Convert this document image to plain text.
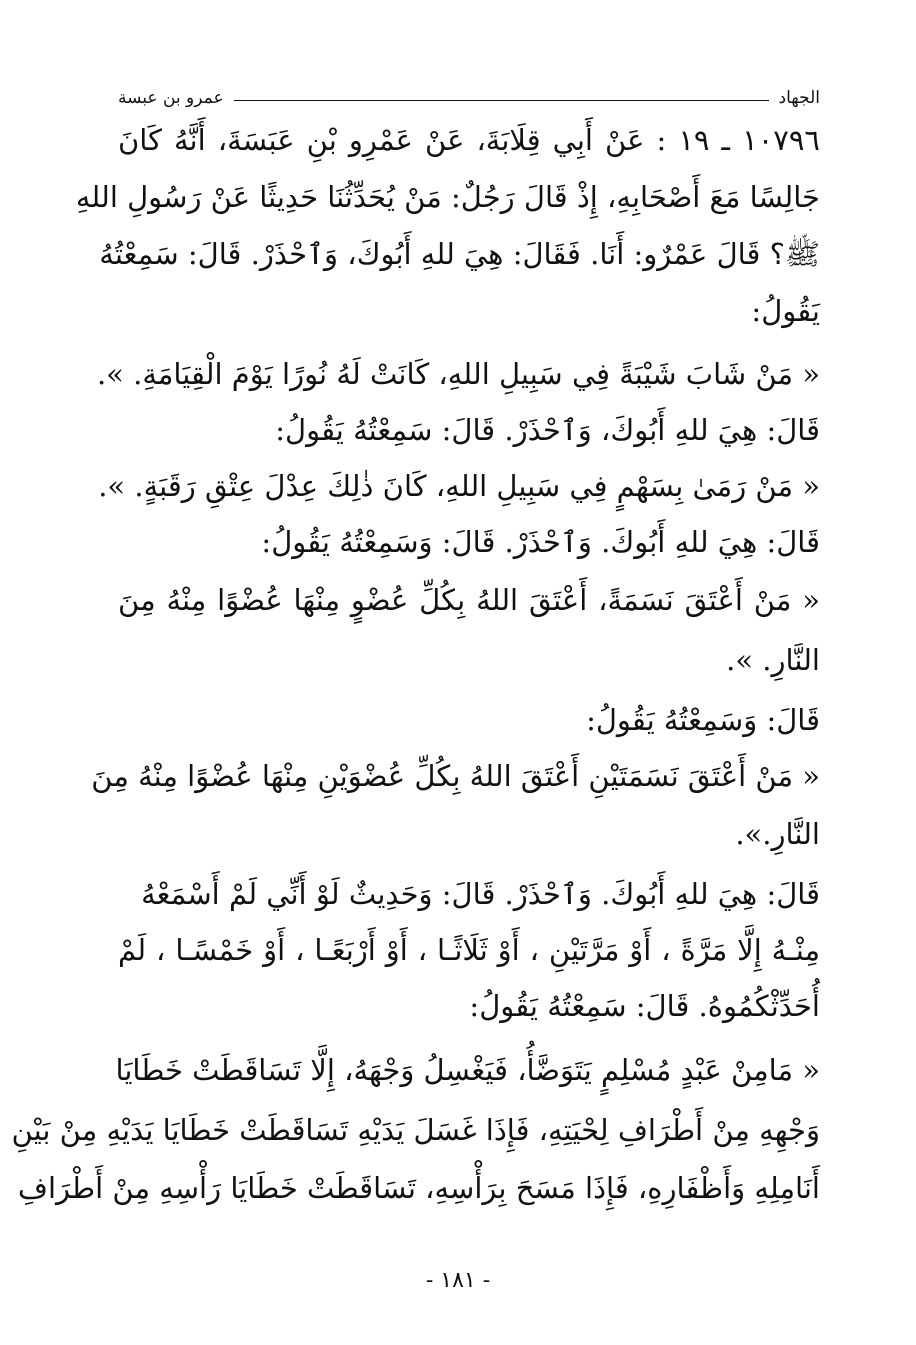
الجهاد
عمرو بن عبسة
١٠٧٩٦ ـ ١٩ : عَنْ أَبِي قِلَابَةَ، عَنْ عَمْرِو بْنِ عَبَسَةَ، أَنَّهُ كَانَ
جَالِسًا مَعَ أَصْحَابِهِ، إِذْ قَالَ رَجُلٌ: مَنْ يُحَدِّثُنَا حَدِيثًا عَنْ رَسُولِ اللهِ
ﷺ؟ قَالَ عَمْرٌو: أَنَا. فَقَالَ: هِيَ للهِ أَبُوكَ، وَٱحْذَرْ. قَالَ: سَمِعْتُهُ
يَقُولُ:
« مَنْ شَابَ شَيْبَةً فِي سَبِيلِ اللهِ، كَانَتْ لَهُ نُورًا يَوْمَ الْقِيَامَةِ. ».
قَالَ: هِيَ للهِ أَبُوكَ، وَٱحْذَرْ. قَالَ: سَمِعْتُهُ يَقُولُ:
« مَنْ رَمَىٰ بِسَهْمٍ فِي سَبِيلِ اللهِ، كَانَ ذٰلِكَ عِدْلَ عِتْقِ رَقَبَةٍ. ».
قَالَ: هِيَ للهِ أَبُوكَ. وَٱحْذَرْ. قَالَ: وَسَمِعْتُهُ يَقُولُ:
« مَنْ أَعْتَقَ نَسَمَةً، أَعْتَقَ اللهُ بِكُلِّ عُضْوٍ مِنْهَا عُضْوًا مِنْهُ مِنَ
النَّارِ. ».
قَالَ: وَسَمِعْتُهُ يَقُولُ:
« مَنْ أَعْتَقَ نَسَمَتَيْنِ أَعْتَقَ اللهُ بِكُلِّ عُضْوَيْنِ مِنْهَا عُضْوًا مِنْهُ مِنَ
النَّارِ.».
قَالَ: هِيَ للهِ أَبُوكَ. وَٱحْذَرْ. قَالَ: وَحَدِيثٌ لَوْ أَنِّي لَمْ أَسْمَعْهُ
مِنْـهُ إِلَّا مَرَّةً ، أَوْ مَرَّتَيْنِ ، أَوْ ثَلَاثًـا ، أَوْ أَرْبَعًـا ، أَوْ خَمْسًـا ، لَمْ
أُحَدِّثْكُمُوهُ. قَالَ: سَمِعْتُهُ يَقُولُ:
« مَامِنْ عَبْدٍ مُسْلِمٍ يَتَوَضَّأُ، فَيَغْسِلُ وَجْهَهُ، إِلَّا تَسَاقَطَتْ خَطَايَا
وَجْهِهِ مِنْ أَطْرَافِ لِحْيَتِهِ، فَإِذَا غَسَلَ يَدَيْهِ تَسَاقَطَتْ خَطَايَا يَدَيْهِ مِنْ بَيْنِ
أَنَامِلِهِ وَأَظْفَارِهِ، فَإِذَا مَسَحَ بِرَأْسِهِ، تَسَاقَطَتْ خَطَايَا رَأْسِهِ مِنْ أَطْرَافِ
- ١٨١ -
